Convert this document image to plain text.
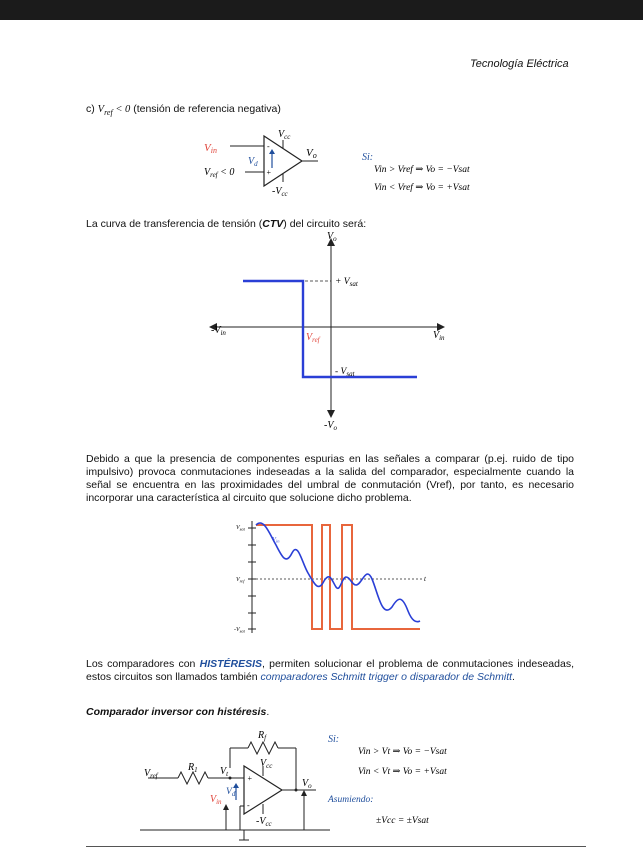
Tecnología Eléctrica
c) $V_{ref} < 0$ (tensión de referencia negativa)
-
+
$V_d$
Vin
$V_{ref} < 0$
$V_{cc}$
$-V_{cc}$
Vo	Si:
Vin > Vref ⇒ Vo = −Vsat
Vin < Vref ⇒ Vo = +Vsat
La curva de transferencia de tensión (CTV) del circuito será:
$V_o$
$-V_o$
$V_{in}$
$-V_{in}$
+ $V_{sat}$
- $V_{sat}$
$V_{ref}$
Debido a que la presencia de componentes espurias en las señales a comparar (p.ej. ruido de tipo impulsivo) provoca conmutaciones indeseadas a la salida del comparador, especialmente cuando la señal se encuentra en las proximidades del umbral de conmutación (Vref), por tanto, es necesario incorporar una característica al circuito que solucione dicho problema.
$V_{sat}$
$V_{ref}$
$-V_{sat}$
$V_{in}$
t
Los comparadores con HISTÉRESIS, permiten solucionar el problema de conmutaciones indeseadas, estos circuitos son llamados también comparadores Schmitt trigger o disparador de Schmitt.
Comparador inversor con histéresis.
$R_f$
$R_1$
$V_{ref}$	$V_t$ +
-
$V_{cc}$
$-V_{cc}$
$V_o$
$V_d$
$V_{in}$
Si:
Vin > Vt ⇒ Vo = −Vsat
Vin < Vt ⇒ Vo = +Vsat
Asumiendo:
±Vcc = ±Vsat
